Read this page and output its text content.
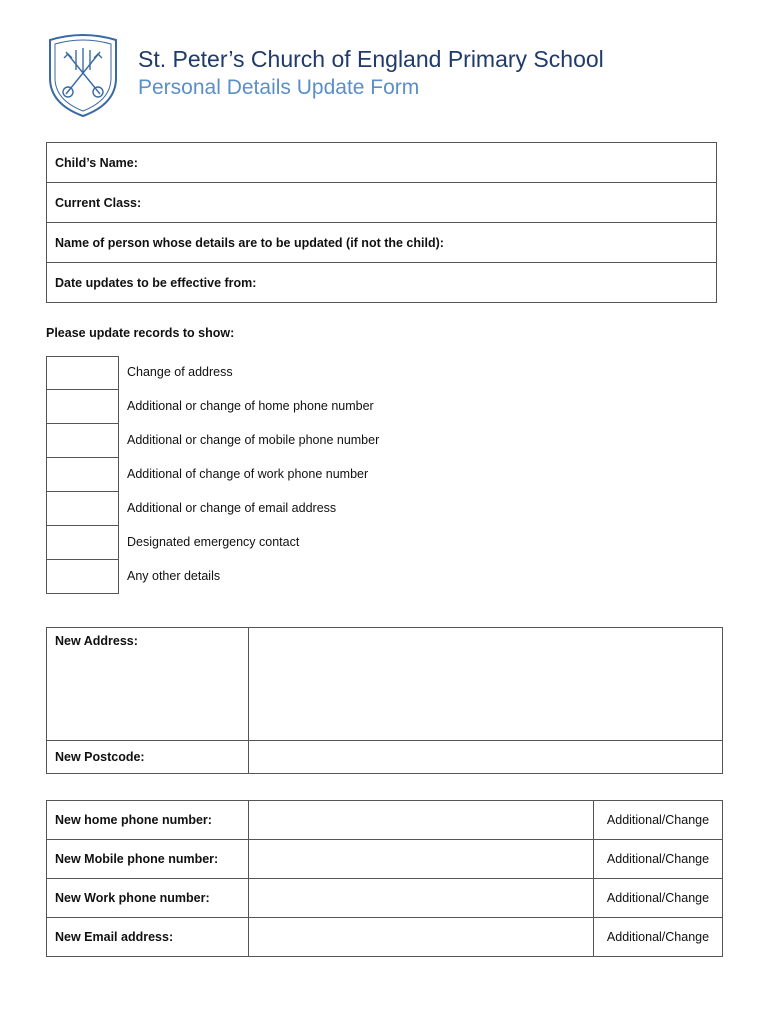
St. Peter’s Church of England Primary School
Personal Details Update Form
Child’s Name:
Current Class:
Name of person whose details are to be updated (if not the child):
Date updates to be effective from:
Please update records to show:
Change of address
Additional or change of home phone number
Additional or change of mobile phone number
Additional of change of work phone number
Additional or change of email address
Designated emergency contact
Any other details
New Address:	
New Postcode:	
New home phone number:		Additional/Change
New Mobile phone number:		Additional/Change
New Work phone number:		Additional/Change
New Email address:		Additional/Change
